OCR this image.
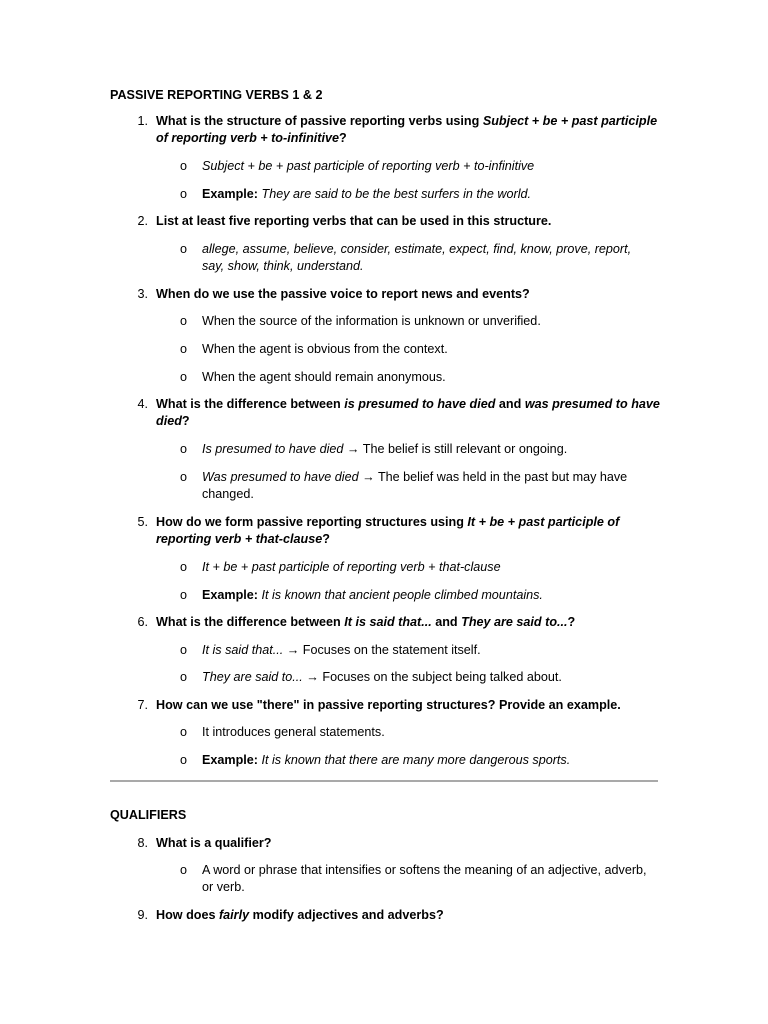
PASSIVE REPORTING VERBS 1 & 2
1. What is the structure of passive reporting verbs using Subject + be + past participle of reporting verb + to-infinitive?
o	Subject + be + past participle of reporting verb + to-infinitive
o	Example: They are said to be the best surfers in the world.
2. List at least five reporting verbs that can be used in this structure.
o	allege, assume, believe, consider, estimate, expect, find, know, prove, report, say, show, think, understand.
3. When do we use the passive voice to report news and events?
o	When the source of the information is unknown or unverified.
o	When the agent is obvious from the context.
o	When the agent should remain anonymous.
4. What is the difference between is presumed to have died and was presumed to have died?
o	Is presumed to have died → The belief is still relevant or ongoing.
o	Was presumed to have died → The belief was held in the past but may have changed.
5. How do we form passive reporting structures using It + be + past participle of reporting verb + that-clause?
o	It + be + past participle of reporting verb + that-clause
o	Example: It is known that ancient people climbed mountains.
6. What is the difference between It is said that... and They are said to...?
o	It is said that... → Focuses on the statement itself.
o	They are said to... → Focuses on the subject being talked about.
7. How can we use "there" in passive reporting structures? Provide an example.
o	It introduces general statements.
o	Example: It is known that there are many more dangerous sports.
QUALIFIERS
8. What is a qualifier?
o	A word or phrase that intensifies or softens the meaning of an adjective, adverb, or verb.
9. How does fairly modify adjectives and adverbs?
